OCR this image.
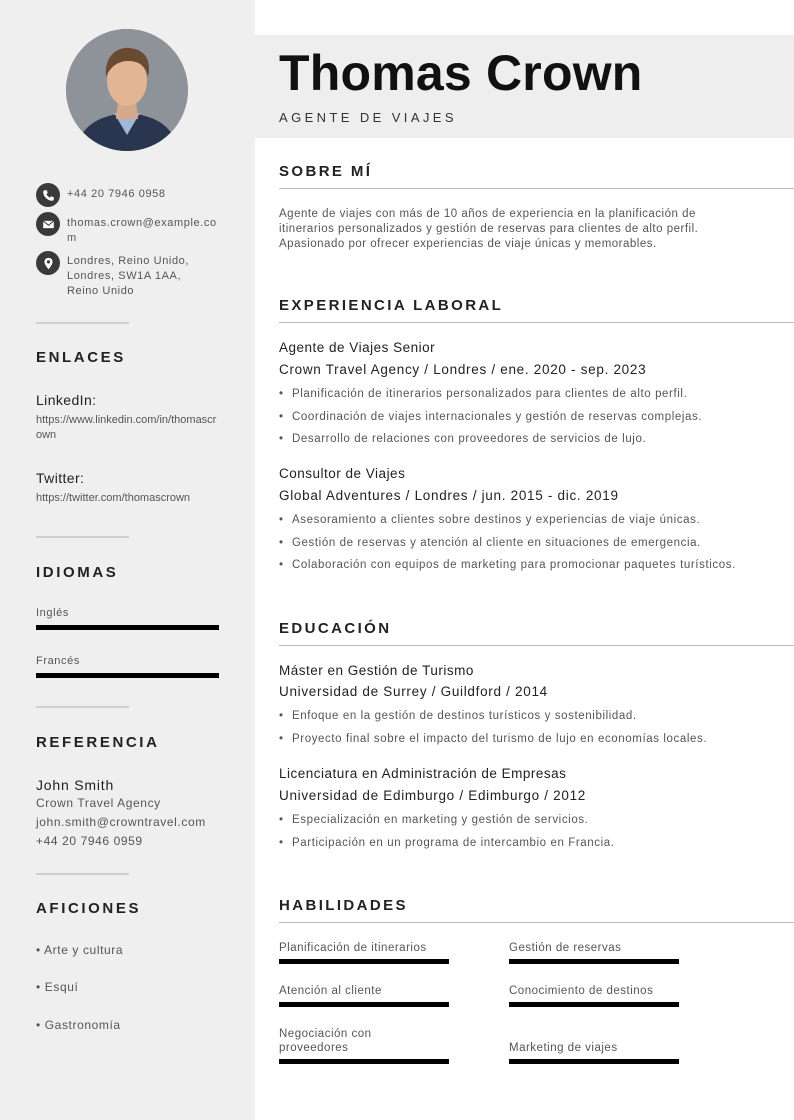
+44 20 7946 0958
thomas.crown@example.com
Londres, Reino Unido, Londres, SW1A 1AA, Reino Unido
ENLACES
LinkedIn:
https://www.linkedin.com/in/thomascrown
Twitter:
https://twitter.com/thomascrown
IDIOMAS
Inglés
Francés
REFERENCIA
John Smith
Crown Travel Agency
john.smith@crowntravel.com
+44 20 7946 0959
AFICIONES
• Arte y cultura
• Esquí
• Gastronomía
Thomas Crown
AGENTE DE VIAJES
SOBRE MÍ
Agente de viajes con más de 10 años de experiencia en la planificación de itinerarios personalizados y gestión de reservas para clientes de alto perfil. Apasionado por ofrecer experiencias de viaje únicas y memorables.
EXPERIENCIA LABORAL
Agente de Viajes Senior
Crown Travel Agency / Londres / ene. 2020 - sep. 2023
• Planificación de itinerarios personalizados para clientes de alto perfil.
• Coordinación de viajes internacionales y gestión de reservas complejas.
• Desarrollo de relaciones con proveedores de servicios de lujo.
Consultor de Viajes
Global Adventures / Londres / jun. 2015 - dic. 2019
• Asesoramiento a clientes sobre destinos y experiencias de viaje únicas.
• Gestión de reservas y atención al cliente en situaciones de emergencia.
• Colaboración con equipos de marketing para promocionar paquetes turísticos.
EDUCACIÓN
Máster en Gestión de Turismo
Universidad de Surrey / Guildford / 2014
• Enfoque en la gestión de destinos turísticos y sostenibilidad.
• Proyecto final sobre el impacto del turismo de lujo en economías locales.
Licenciatura en Administración de Empresas
Universidad de Edimburgo / Edimburgo / 2012
• Especialización en marketing y gestión de servicios.
• Participación en un programa de intercambio en Francia.
HABILIDADES
Planificación de itinerarios	Gestión de reservas
Atención al cliente	Conocimiento de destinos
Negociación con proveedores	Marketing de viajes
